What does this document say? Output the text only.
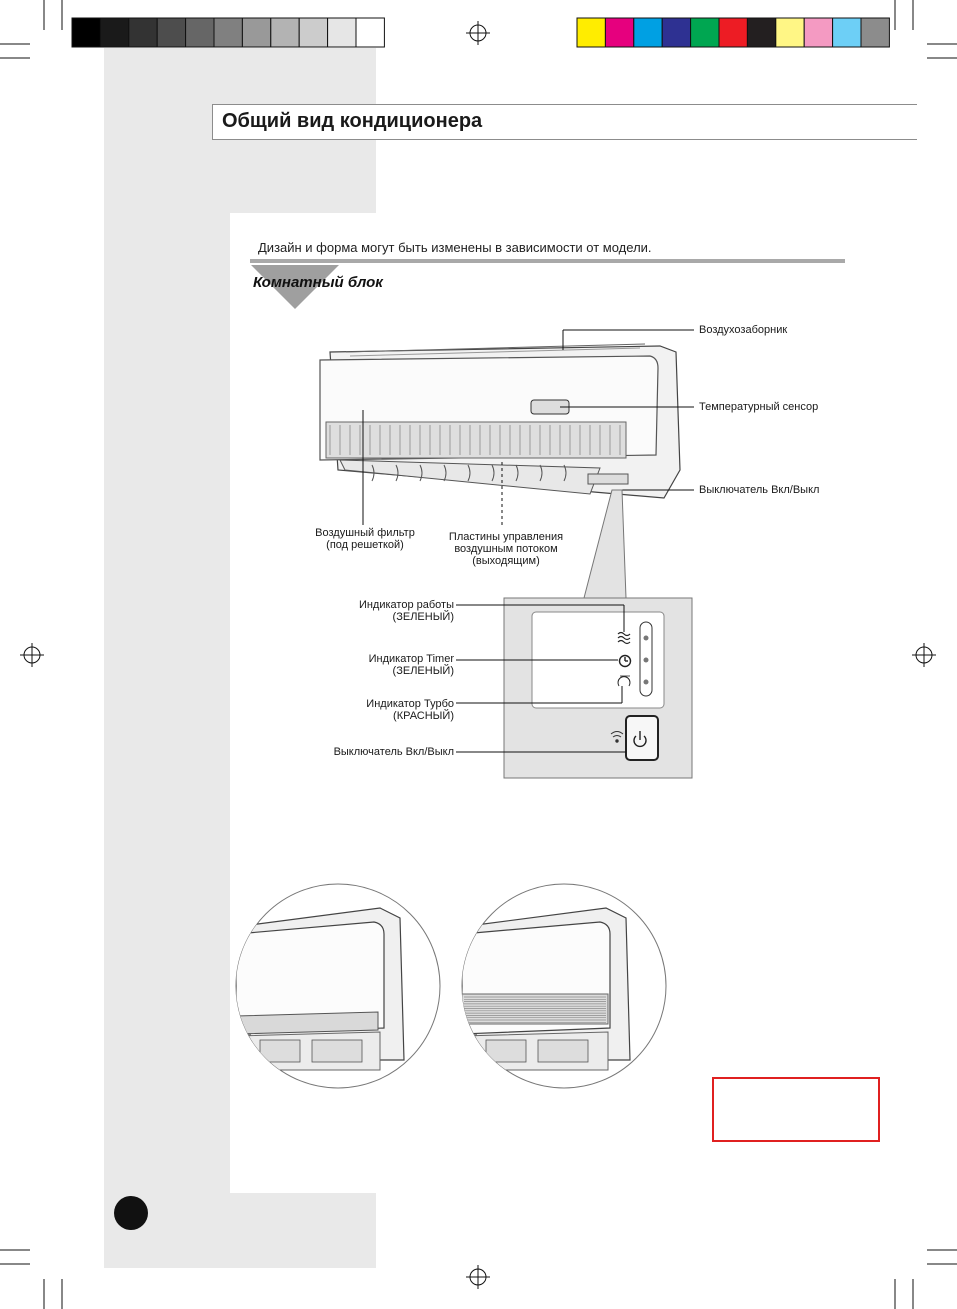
Общий вид кондиционера
Дизайн и форма могут быть изменены в зависимости от модели.
Комнатный блок
Воздухозаборник
Температурный сенсор
Выключатель Вкл/Выкл
Воздушный фильтр
(под решеткой)
Пластины управления
воздушным потоком
(выходящим)
Индикатор работы
(ЗЕЛЕНЫЙ)
Индикатор Timer
(ЗЕЛЕНЫЙ)
Индикатор Турбо
(КРАСНЫЙ)
Выключатель Вкл/Выкл
